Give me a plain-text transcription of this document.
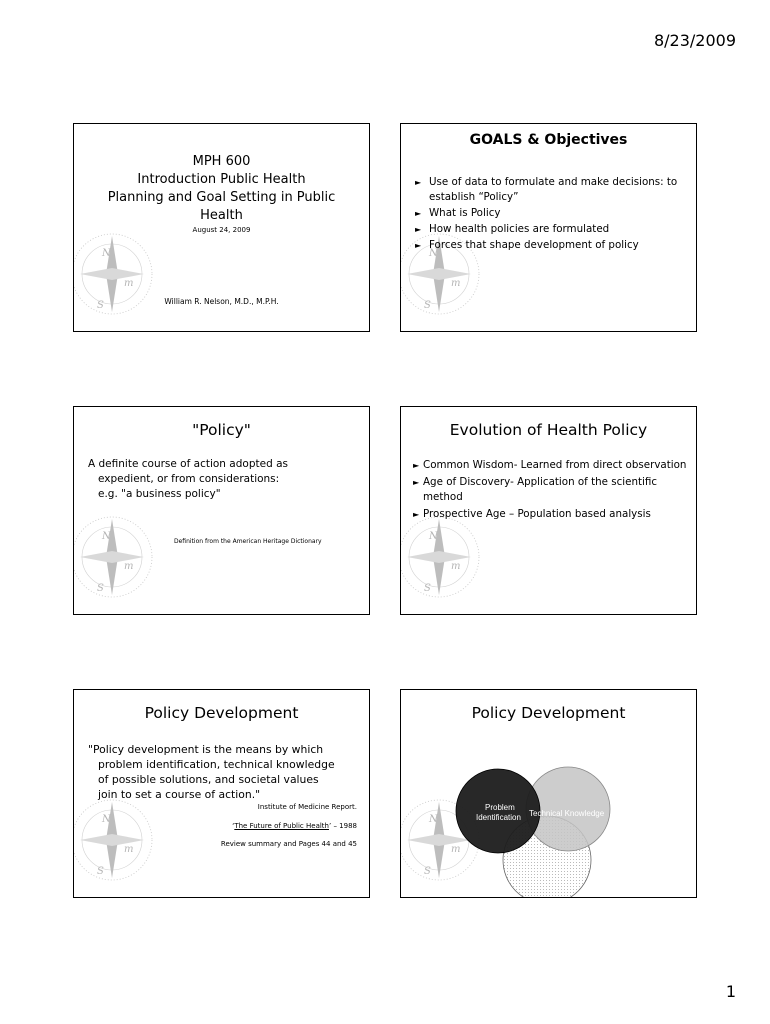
8/23/2009
N
S
m
MPH 600
Introduction Public Health
Planning and Goal Setting in Public
Health
August 24, 2009
William R. Nelson, M.D., M.P.H.
N
S
m
GOALS & Objectives
► Use of data to formulate and make decisions: to establish “Policy”
► What is Policy
► How health policies are formulated
► Forces that shape development of policy
N
S
m
"Policy"
A definite course of action adopted as
expedient, or from considerations:
e.g. "a business policy"
Definition from the American Heritage Dictionary	N
S
m
Evolution of Health Policy
► Common Wisdom- Learned from direct observation
► Age of Discovery- Application of the scientific method
► Prospective Age – Population based analysis
N
S
m
Policy Development
"Policy development is the means by which
problem identification, technical knowledge
of possible solutions, and societal values
join to set a course of action."
Institute of Medicine Report.
‘The Future of Public Health’ – 1988
Review summary and Pages 44 and 45
N
S
m
Policy Development
Problem
Identification Technical Knowledge
1
